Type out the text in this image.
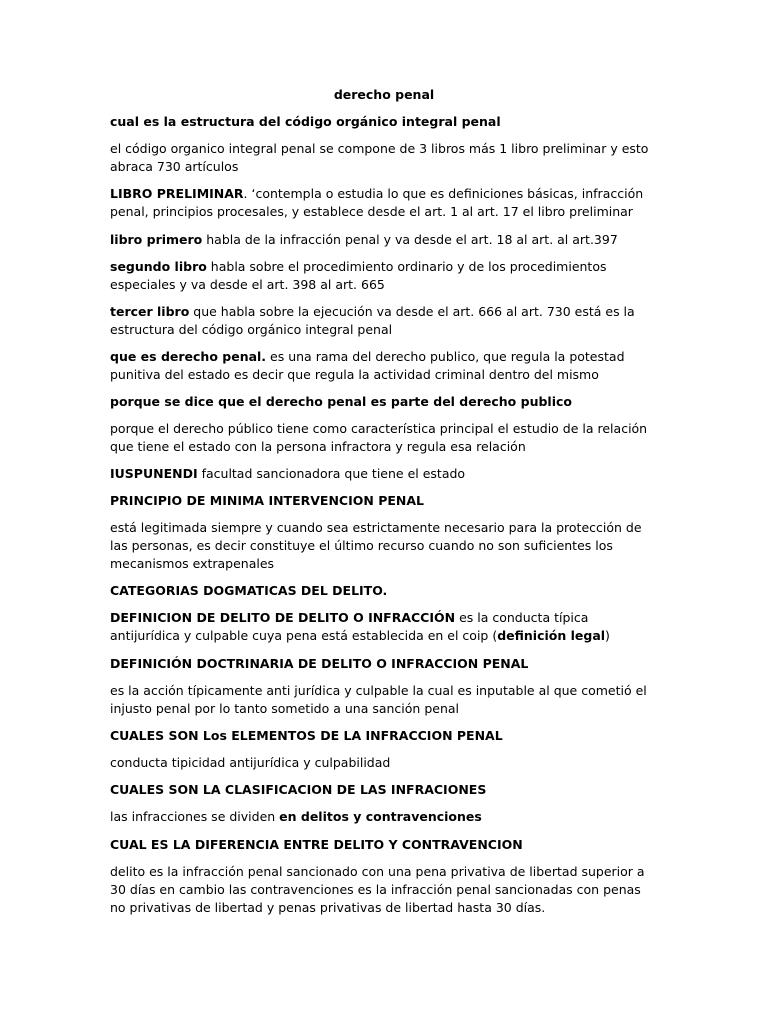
derecho penal

cual es la estructura del código orgánico integral penal

el código organico integral penal se compone de 3 libros más 1 libro preliminar y esto abraca 730 artículos

LIBRO PRELIMINAR. ‘contempla o estudia lo que es definiciones básicas, infracción penal, principios procesales, y establece desde el art. 1 al art. 17 el libro preliminar

libro primero habla de la infracción penal y va desde el art. 18 al art. al art.397

segundo libro habla sobre el procedimiento ordinario y de los procedimientos especiales y va desde el art. 398 al art. 665

tercer libro que habla sobre la ejecución va desde el art. 666 al art. 730 está es la estructura del código orgánico integral penal

que es derecho penal. es una rama del derecho publico, que regula la potestad punitiva del estado es decir que regula la actividad criminal dentro del mismo

porque se dice que el derecho penal es parte del derecho publico

porque el derecho público tiene como característica principal el estudio de la relación que tiene el estado con la persona infractora y regula esa relación

IUSPUNENDI facultad sancionadora que tiene el estado

PRINCIPIO DE MINIMA INTERVENCION PENAL

está legitimada siempre y cuando sea estrictamente necesario para la protección de las personas, es decir constituye el último recurso cuando no son suficientes los mecanismos extrapenales

CATEGORIAS DOGMATICAS DEL DELITO.

DEFINICION DE DELITO DE DELITO O INFRACCIÓN es la conducta típica antijurídica y culpable cuya pena está establecida en el coip (definición legal)

DEFINICIÓN DOCTRINARIA DE DELITO O INFRACCION PENAL

es la acción típicamente anti jurídica y culpable la cual es inputable al que cometió el injusto penal por lo tanto sometido a una sanción penal

CUALES SON Los ELEMENTOS DE LA INFRACCION PENAL

conducta tipicidad antijurídica y culpabilidad

CUALES SON LA CLASIFICACION DE LAS INFRACIONES

las infracciones se dividen en delitos y contravenciones

CUAL ES LA DIFERENCIA ENTRE DELITO Y CONTRAVENCION

delito es la infracción penal sancionado con una pena privativa de libertad superior a 30 días en cambio las contravenciones es la infracción penal sancionadas con penas no privativas de libertad y penas privativas de libertad hasta 30 días.
